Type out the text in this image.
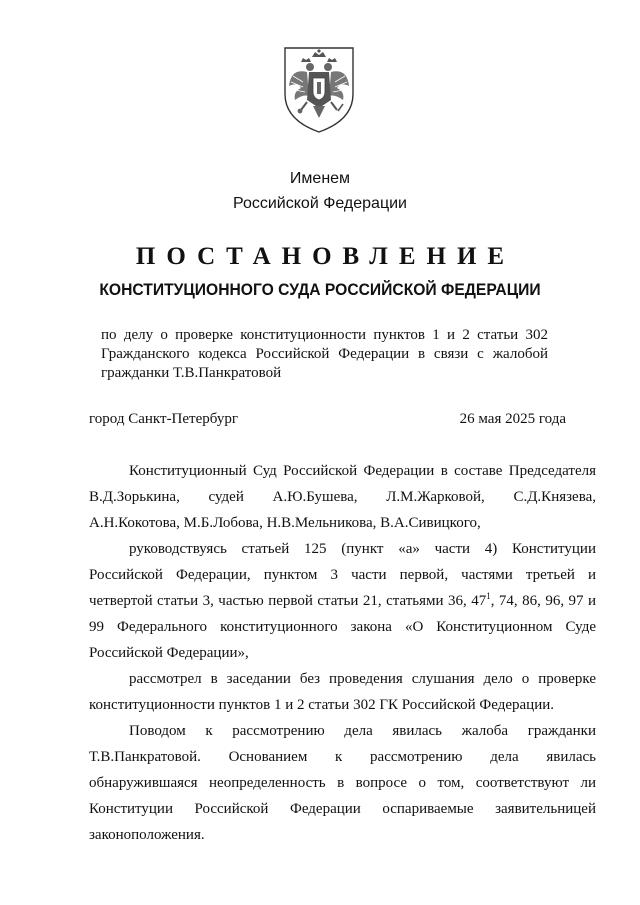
Именем
Российской Федерации
ПОСТАНОВЛЕНИЕ
КОНСТИТУЦИОННОГО СУДА РОССИЙСКОЙ ФЕДЕРАЦИИ
по делу о проверке конституционности пунктов 1 и 2 статьи 302
Гражданского кодекса Российской Федерации в связи с жалобой
гражданки Т.В.Панкратовой
город Санкт-Петербург	26 мая 2025 года
Конституционный Суд Российской Федерации в составе Председателя
В.Д.Зорькина, судей А.Ю.Бушева, Л.М.Жарковой, С.Д.Князева,
А.Н.Кокотова, М.Б.Лобова, Н.В.Мельникова, В.А.Сивицкого,
руководствуясь статьей 125 (пункт «а» части 4) Конституции
Российской Федерации, пунктом 3 части первой, частями третьей и
четвертой статьи 3, частью первой статьи 21, статьями 36, $47^1$, 74, 86, 96, 97 и
99 Федерального конституционного закона «О Конституционном Суде
Российской Федерации»,
рассмотрел в заседании без проведения слушания дело о проверке
конституционности пунктов 1 и 2 статьи 302 ГК Российской Федерации.
Поводом к рассмотрению дела явилась жалоба гражданки
Т.В.Панкратовой. Основанием к рассмотрению дела явилась
обнаружившаяся неопределенность в вопросе о том, соответствуют ли
Конституции Российской Федерации оспариваемые заявительницей
законоположения.
